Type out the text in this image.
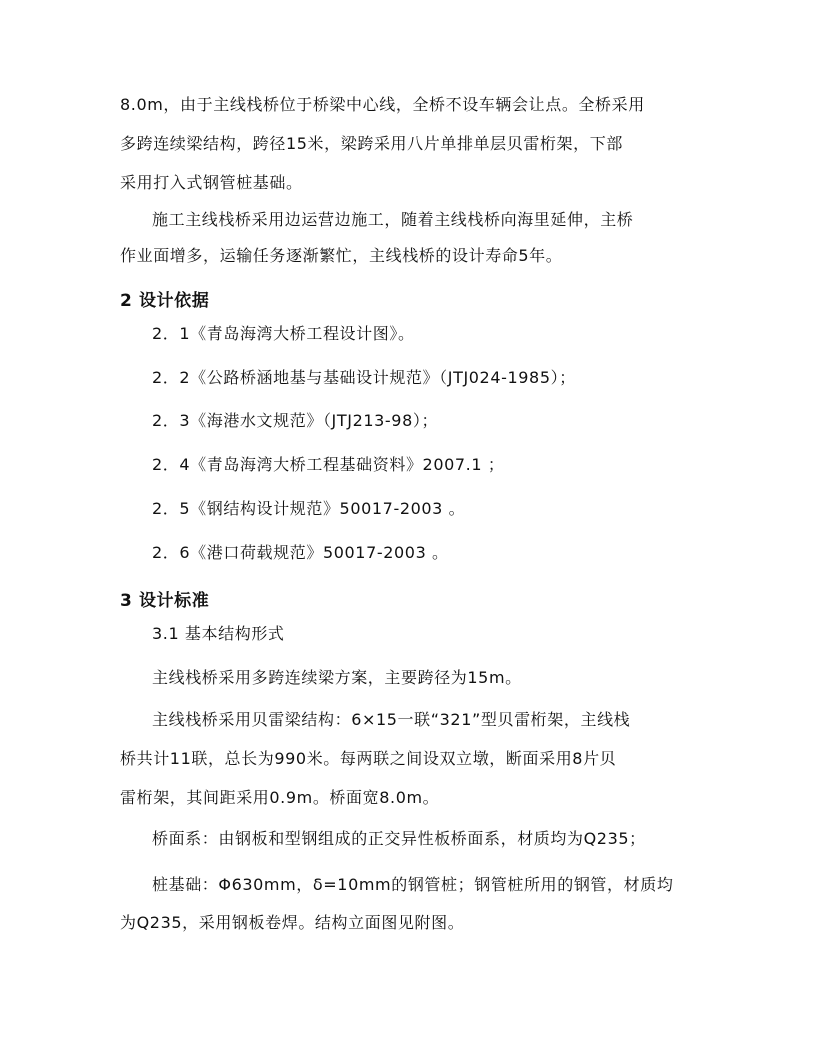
8.0m，由于主线栈桥位于桥梁中心线，全桥不设车辆会让点。全桥采用
多跨连续梁结构，跨径15米，梁跨采用八片单排单层贝雷桁架，下部
采用打入式钢管桩基础。
施工主线栈桥采用边运营边施工，随着主线栈桥向海里延伸，主桥
作业面增多，运输任务逐渐繁忙，主线栈桥的设计寿命5年。
2 设计依据
2．1《青岛海湾大桥工程设计图》。
2．2《公路桥涵地基与基础设计规范》（JTJ024-1985）；
2．3《海港水文规范》（JTJ213-98）；
2．4《青岛海湾大桥工程基础资料》2007.1 ；
2．5《钢结构设计规范》50017-2003 。
2．6《港口荷载规范》50017-2003 。
3 设计标准
3.1 基本结构形式
主线栈桥采用多跨连续梁方案，主要跨径为15m。
主线栈桥采用贝雷梁结构：6×15一联“321”型贝雷桁架，主线栈
桥共计11联，总长为990米。每两联之间设双立墩，断面采用8片贝
雷桁架，其间距采用0.9m。桥面宽8.0m。
桥面系：由钢板和型钢组成的正交异性板桥面系，材质均为Q235；
桩基础：Φ630mm，δ=10mm的钢管桩；钢管桩所用的钢管，材质均
为Q235，采用钢板卷焊。结构立面图见附图。
